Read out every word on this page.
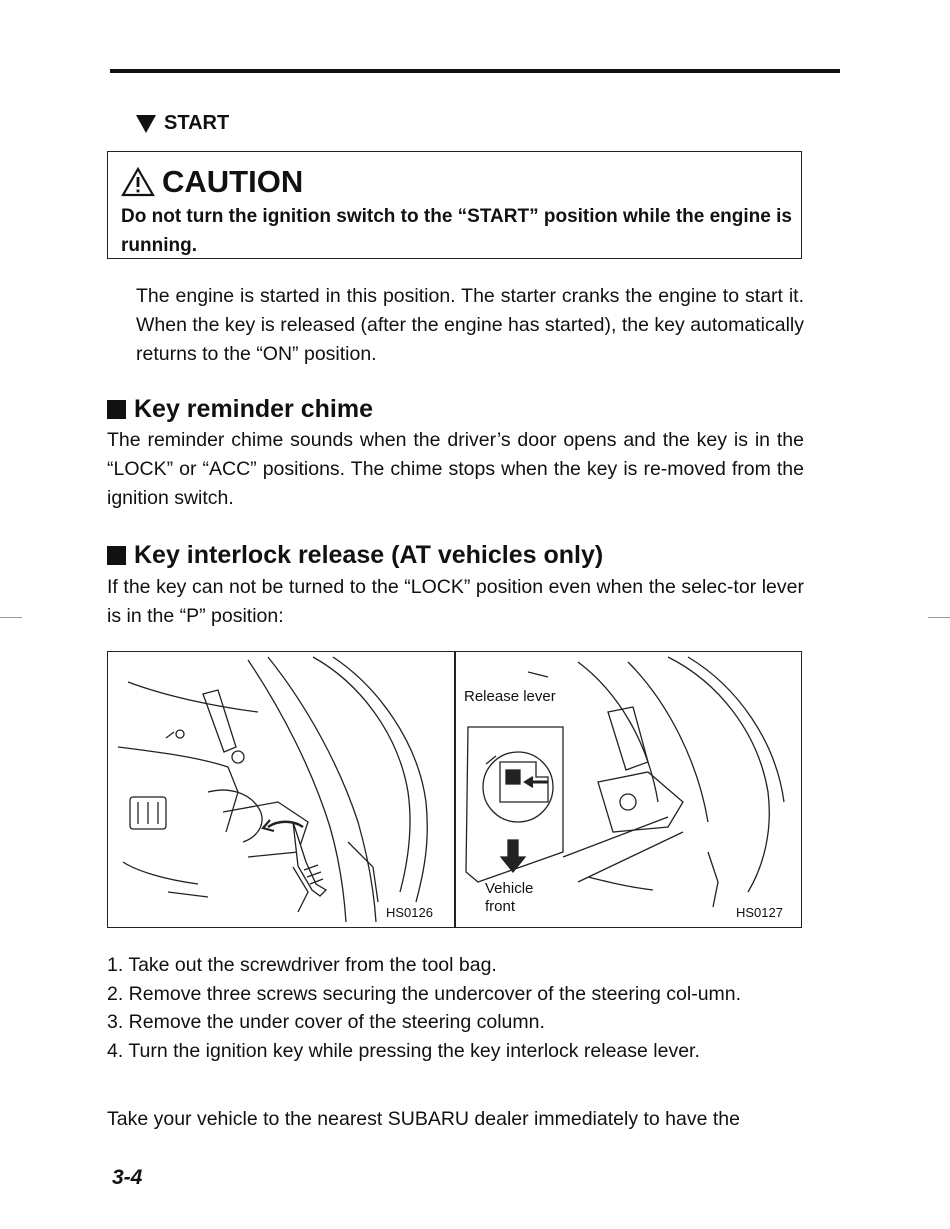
START
CAUTION
Do not turn the ignition switch to the “START” position while the engine is running.
The engine is started in this position. The starter cranks the engine to start it. When the key is released (after the engine has started), the key automatically returns to the “ON” position.
Key reminder chime
The reminder chime sounds when the driver’s door opens and the key is in the “LOCK” or “ACC” positions. The chime stops when the key is re-moved from the ignition switch.
Key interlock release (AT vehicles only)
If the key can not be turned to the “LOCK” position even when the selec-tor lever is in the “P” position:
Release lever
Vehicle
front
HS0126	HS0127
1. Take out the screwdriver from the tool bag.
2. Remove three screws securing the undercover of the steering col-umn.
3. Remove the under cover of the steering column.
4. Turn the ignition key while pressing the key interlock release lever.
Take your vehicle to the nearest SUBARU dealer immediately to have the
3-4
